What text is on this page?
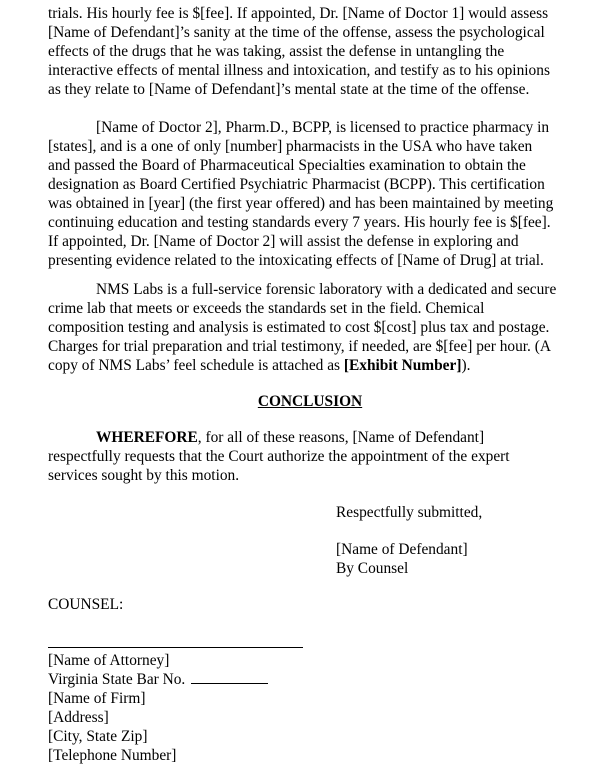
trials. His hourly fee is $[fee]. If appointed, Dr. [Name of Doctor 1] would assess
[Name of Defendant]’s sanity at the time of the offense, assess the psychological
effects of the drugs that he was taking, assist the defense in untangling the
interactive effects of mental illness and intoxication, and testify as to his opinions
as they relate to [Name of Defendant]’s mental state at the time of the offense.
[Name of Doctor 2], Pharm.D., BCPP, is licensed to practice pharmacy in
[states], and is a one of only [number] pharmacists in the USA who have taken
and passed the Board of Pharmaceutical Specialties examination to obtain the
designation as Board Certified Psychiatric Pharmacist (BCPP). This certification
was obtained in [year] (the first year offered) and has been maintained by meeting
continuing education and testing standards every 7 years. His hourly fee is $[fee].
If appointed, Dr. [Name of Doctor 2] will assist the defense in exploring and
presenting evidence related to the intoxicating effects of [Name of Drug] at trial.
NMS Labs is a full-service forensic laboratory with a dedicated and secure
crime lab that meets or exceeds the standards set in the field. Chemical
composition testing and analysis is estimated to cost $[cost] plus tax and postage.
Charges for trial preparation and trial testimony, if needed, are $[fee] per hour. (A
copy of NMS Labs’ feel schedule is attached as [Exhibit Number]).
CONCLUSION
WHEREFORE, for all of these reasons, [Name of Defendant]
respectfully requests that the Court authorize the appointment of the expert
services sought by this motion.
Respectfully submitted,
[Name of Defendant]
By Counsel
COUNSEL:
[Name of Attorney]
Virginia State Bar No.
[Name of Firm]
[Address]
[City, State Zip]
[Telephone Number]
